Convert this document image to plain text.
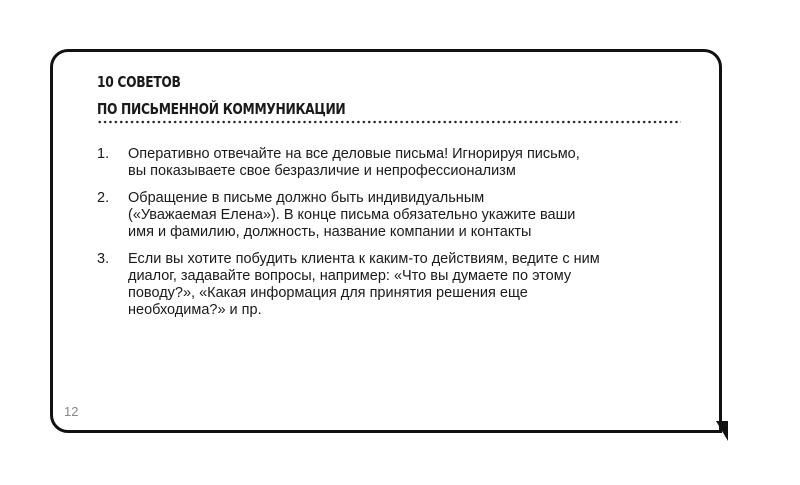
10 СОВЕТОВ
ПО ПИСЬМЕННОЙ КОММУНИКАЦИИ
1.	Оперативно отвечайте на все деловые письма! Игнорируя письмо,
вы показываете свое безразличие и непрофессионализм
2.	Обращение в письме должно быть индивидуальным
(«Уважаемая Елена»). В конце письма обязательно укажите ваши
имя и фамилию, должность, название компании и контакты
3.	Если вы хотите побудить клиента к каким-то действиям, ведите с ним
диалог, задавайте вопросы, например: «Что вы думаете по этому
поводу?», «Какая информация для принятия решения еще
необходима?» и пр.
12
